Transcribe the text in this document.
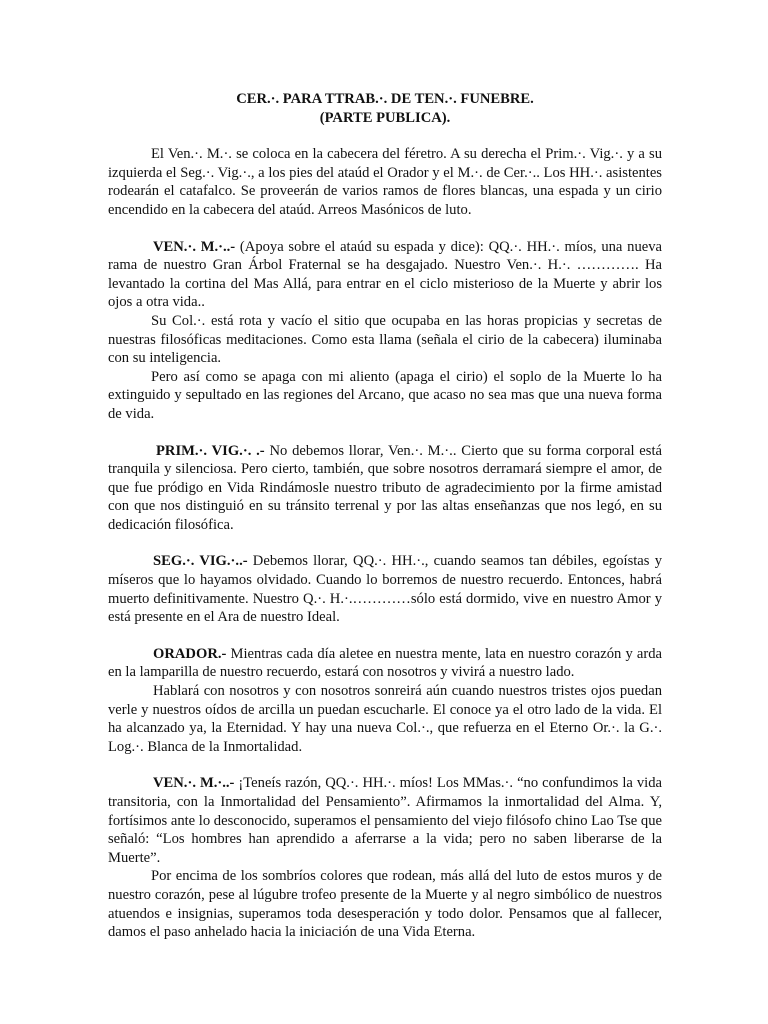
CER.·. PARA TTRAB.·. DE TEN.·. FUNEBRE.
(PARTE PUBLICA).

El Ven.·. M.·. se coloca en la cabecera del féretro. A su derecha el Prim.·. Vig.·. y a su izquierda el Seg.·. Vig.·., a los pies del ataúd el Orador y el M.·. de Cer.·.. Los HH.·. asistentes rodearán el catafalco. Se proveerán de varios ramos de flores blancas, una espada y un cirio encendido en la cabecera del ataúd. Arreos Masónicos de luto.

VEN.·. M.·..- (Apoya sobre el ataúd su espada y dice): QQ.·. HH.·. míos, una nueva rama de nuestro Gran Árbol Fraternal se ha desgajado. Nuestro Ven.·. H.·. …………. Ha levantado la cortina del Mas Allá, para entrar en el ciclo misterioso de la Muerte y abrir los ojos a otra vida..

Su Col.·. está rota y vacío el sitio que ocupaba en las horas propicias y secretas de nuestras filosóficas meditaciones. Como esta llama (señala el cirio de la cabecera) iluminaba con su inteligencia.

Pero así como se apaga con mi aliento (apaga el cirio) el soplo de la Muerte lo ha extinguido y sepultado en las regiones del Arcano, que acaso no sea mas que una nueva forma de vida.

PRIM.·. VIG.·. .- No debemos llorar, Ven.·. M.·.. Cierto que su forma corporal está tranquila y silenciosa. Pero cierto, también, que sobre nosotros derramará siempre el amor, de que fue pródigo en Vida Rindámosle nuestro tributo de agradecimiento por la firme amistad con que nos distinguió en su tránsito terrenal y por las altas enseñanzas que nos legó, en su dedicación filosófica.

SEG.·. VIG.·..- Debemos llorar, QQ.·. HH.·., cuando seamos tan débiles, egoístas y míseros que lo hayamos olvidado. Cuando lo borremos de nuestro recuerdo. Entonces, habrá muerto definitivamente. Nuestro Q.·. H.·.…………sólo está dormido, vive en nuestro Amor y está presente en el Ara de nuestro Ideal.

ORADOR.- Mientras cada día aletee en nuestra mente, lata en nuestro corazón y arda en la lamparilla de nuestro recuerdo, estará con nosotros y vivirá a nuestro lado.

Hablará con nosotros y con nosotros sonreirá aún cuando nuestros tristes ojos puedan verle y nuestros oídos de arcilla un puedan escucharle. El conoce ya el otro lado de la vida. El ha alcanzado ya, la Eternidad. Y hay una nueva Col.·., que refuerza en el Eterno Or.·. la G.·. Log.·. Blanca de la Inmortalidad.

VEN.·. M.·..- ¡Teneís razón, QQ.·. HH.·. míos! Los MMas.·. “no confundimos la vida transitoria, con la Inmortalidad del Pensamiento”. Afirmamos la inmortalidad del Alma. Y, fortísimos ante lo desconocido, superamos el pensamiento del viejo filósofo chino Lao Tse que señaló: “Los hombres han aprendido a aferrarse a la vida; pero no saben liberarse de la Muerte”.

Por encima de los sombríos colores que rodean, más allá del luto de estos muros y de nuestro corazón, pese al lúgubre trofeo presente de la Muerte y al negro simbólico de nuestros atuendos e insignias, superamos toda desesperación y todo dolor. Pensamos que al fallecer, damos el paso anhelado hacia la iniciación de una Vida Eterna.
